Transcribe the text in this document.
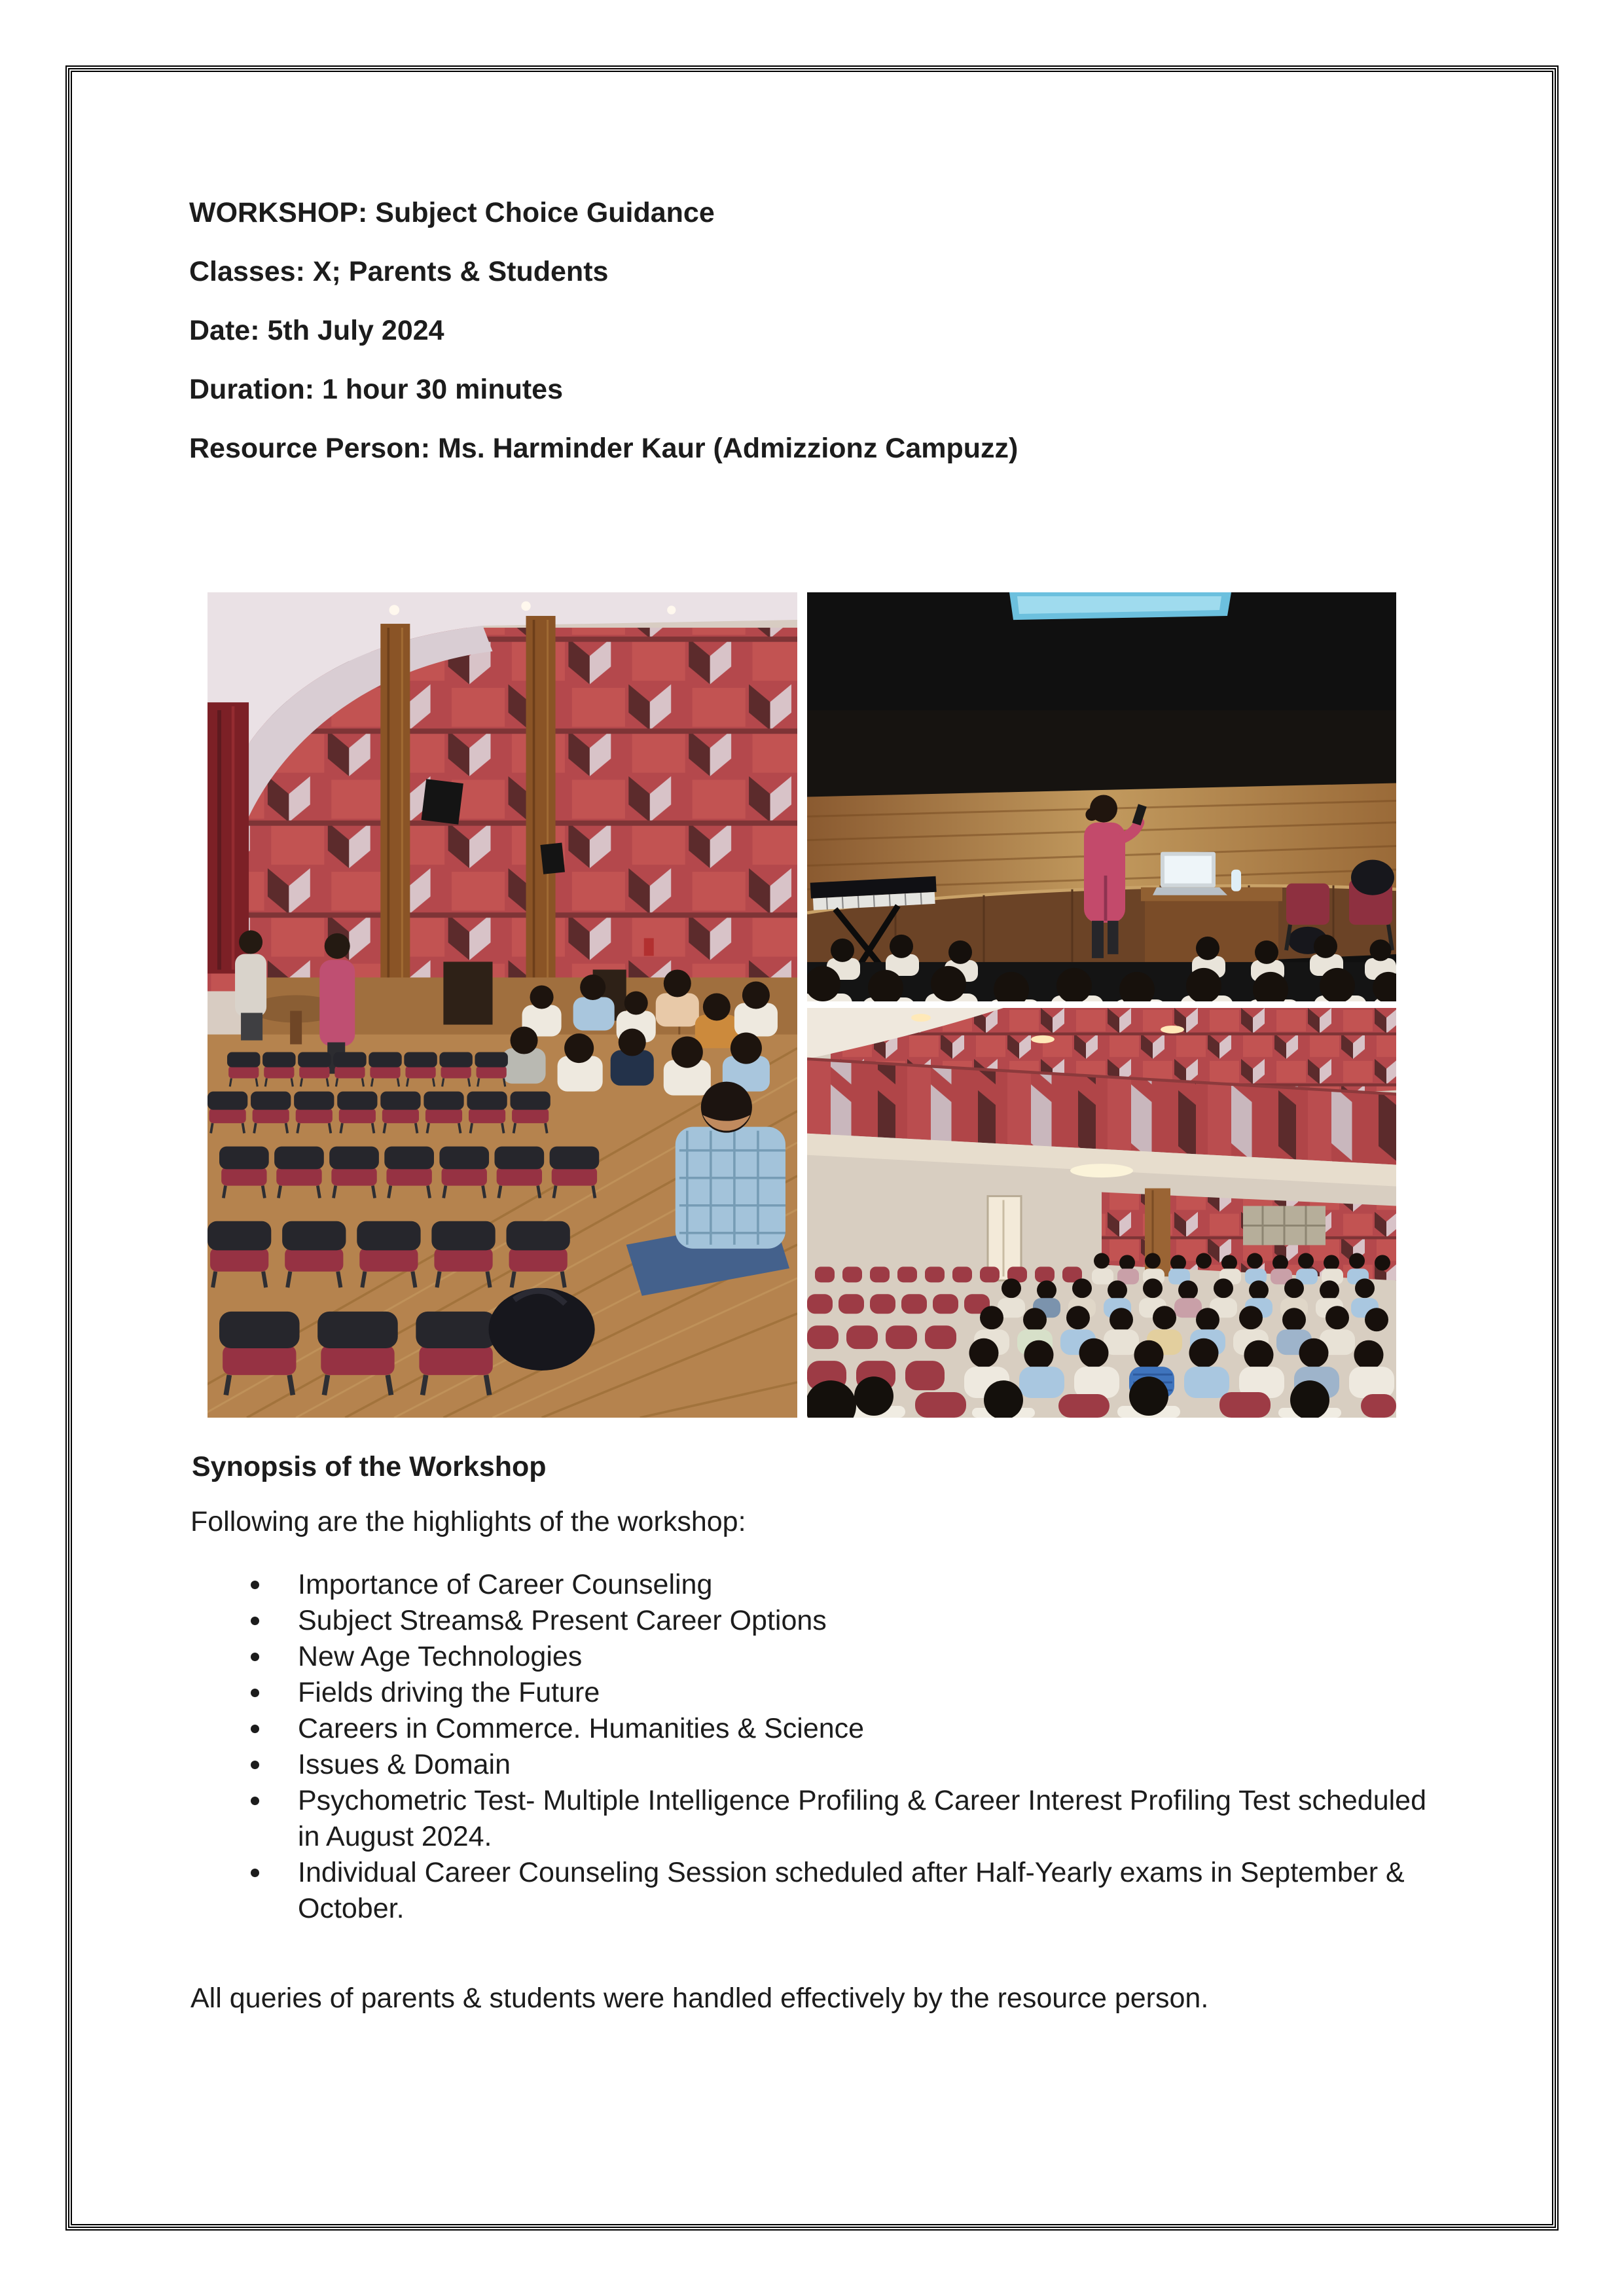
WORKSHOP: Subject Choice Guidance

Classes: X; Parents & Students

Date: 5th July 2024

Duration: 1 hour 30 minutes

Resource Person: Ms. Harminder Kaur (Admizzionz Campuzz)

Synopsis of the Workshop

Following are the highlights of the workshop:

Importance of Career Counseling
Subject Streams& Present Career Options
New Age Technologies
Fields driving the Future
Careers in Commerce. Humanities & Science
Issues & Domain
Psychometric Test- Multiple Intelligence Profiling & Career Interest Profiling Test scheduled in August 2024.
Individual Career Counseling Session scheduled after Half-Yearly exams in September & October.

All queries of parents & students were handled effectively by the resource person.
